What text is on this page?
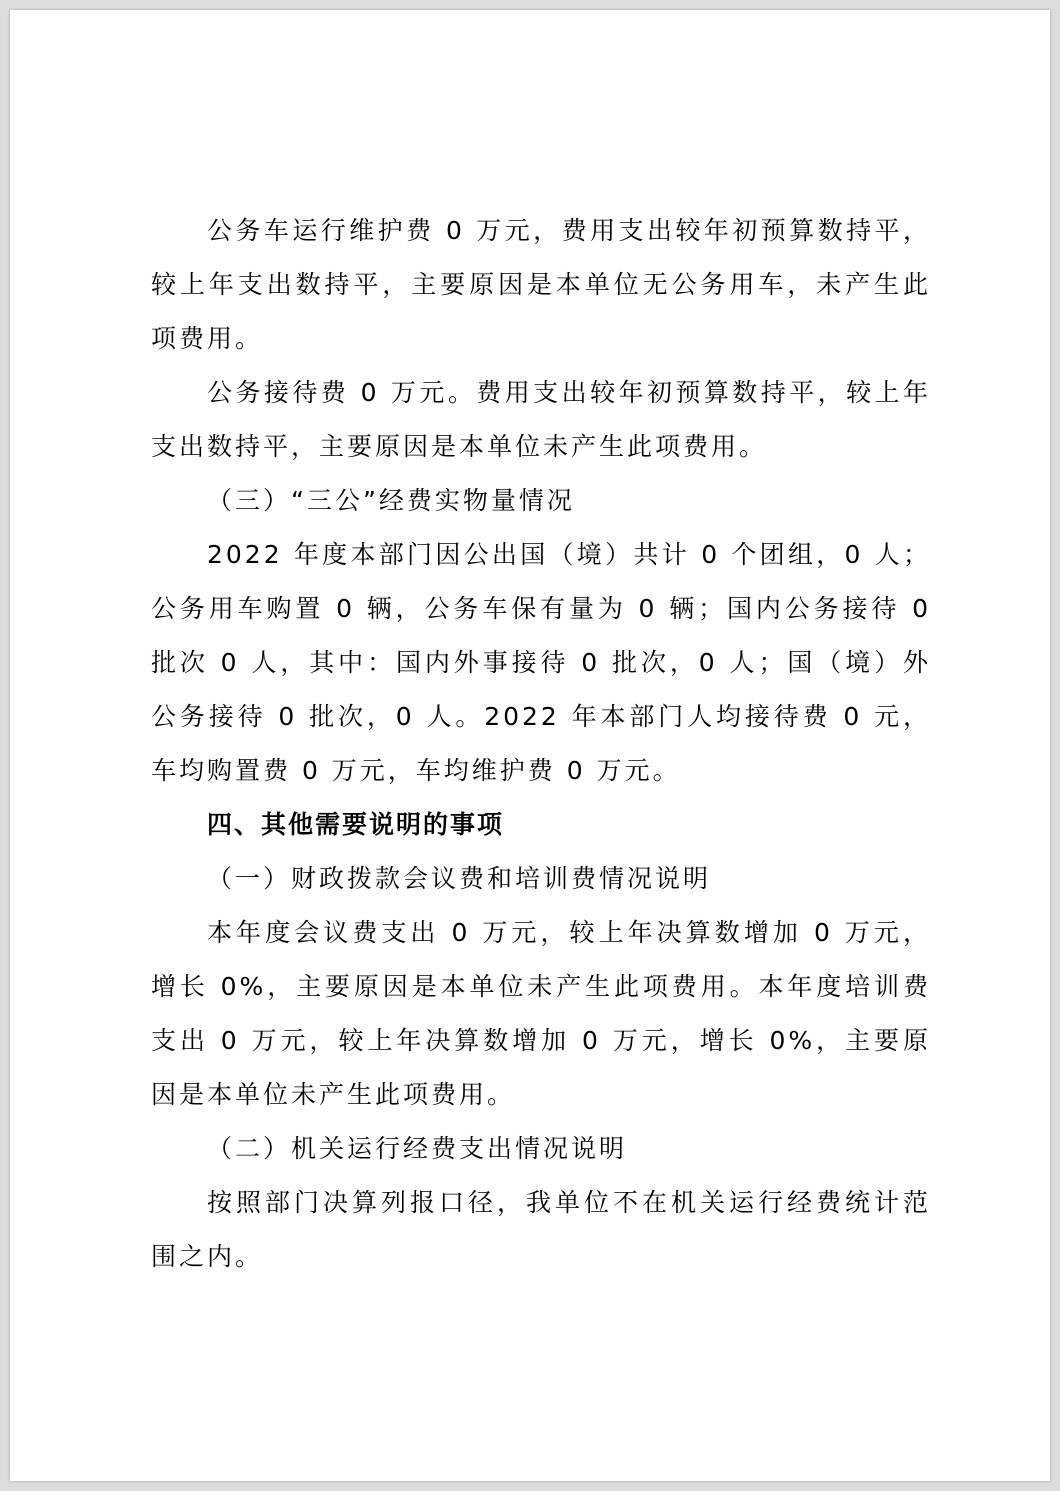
公务车运行维护费 0 万元，费用支出较年初预算数持平，较上年支出数持平，主要原因是本单位无公务用车，未产生此项费用。

公务接待费 0 万元。费用支出较年初预算数持平，较上年支出数持平，主要原因是本单位未产生此项费用。

（三）“三公”经费实物量情况

2022 年度本部门因公出国（境）共计 0 个团组，0 人；公务用车购置 0 辆，公务车保有量为 0 辆；国内公务接待 0 批次 0 人，其中：国内外事接待 0 批次，0 人；国（境）外公务接待 0 批次，0 人。2022 年本部门人均接待费 0 元，车均购置费 0 万元，车均维护费 0 万元。

四、其他需要说明的事项

（一）财政拨款会议费和培训费情况说明

本年度会议费支出 0 万元，较上年决算数增加 0 万元，增长 0%，主要原因是本单位未产生此项费用。本年度培训费支出 0 万元，较上年决算数增加 0 万元，增长 0%，主要原因是本单位未产生此项费用。

（二）机关运行经费支出情况说明

按照部门决算列报口径，我单位不在机关运行经费统计范围之内。
